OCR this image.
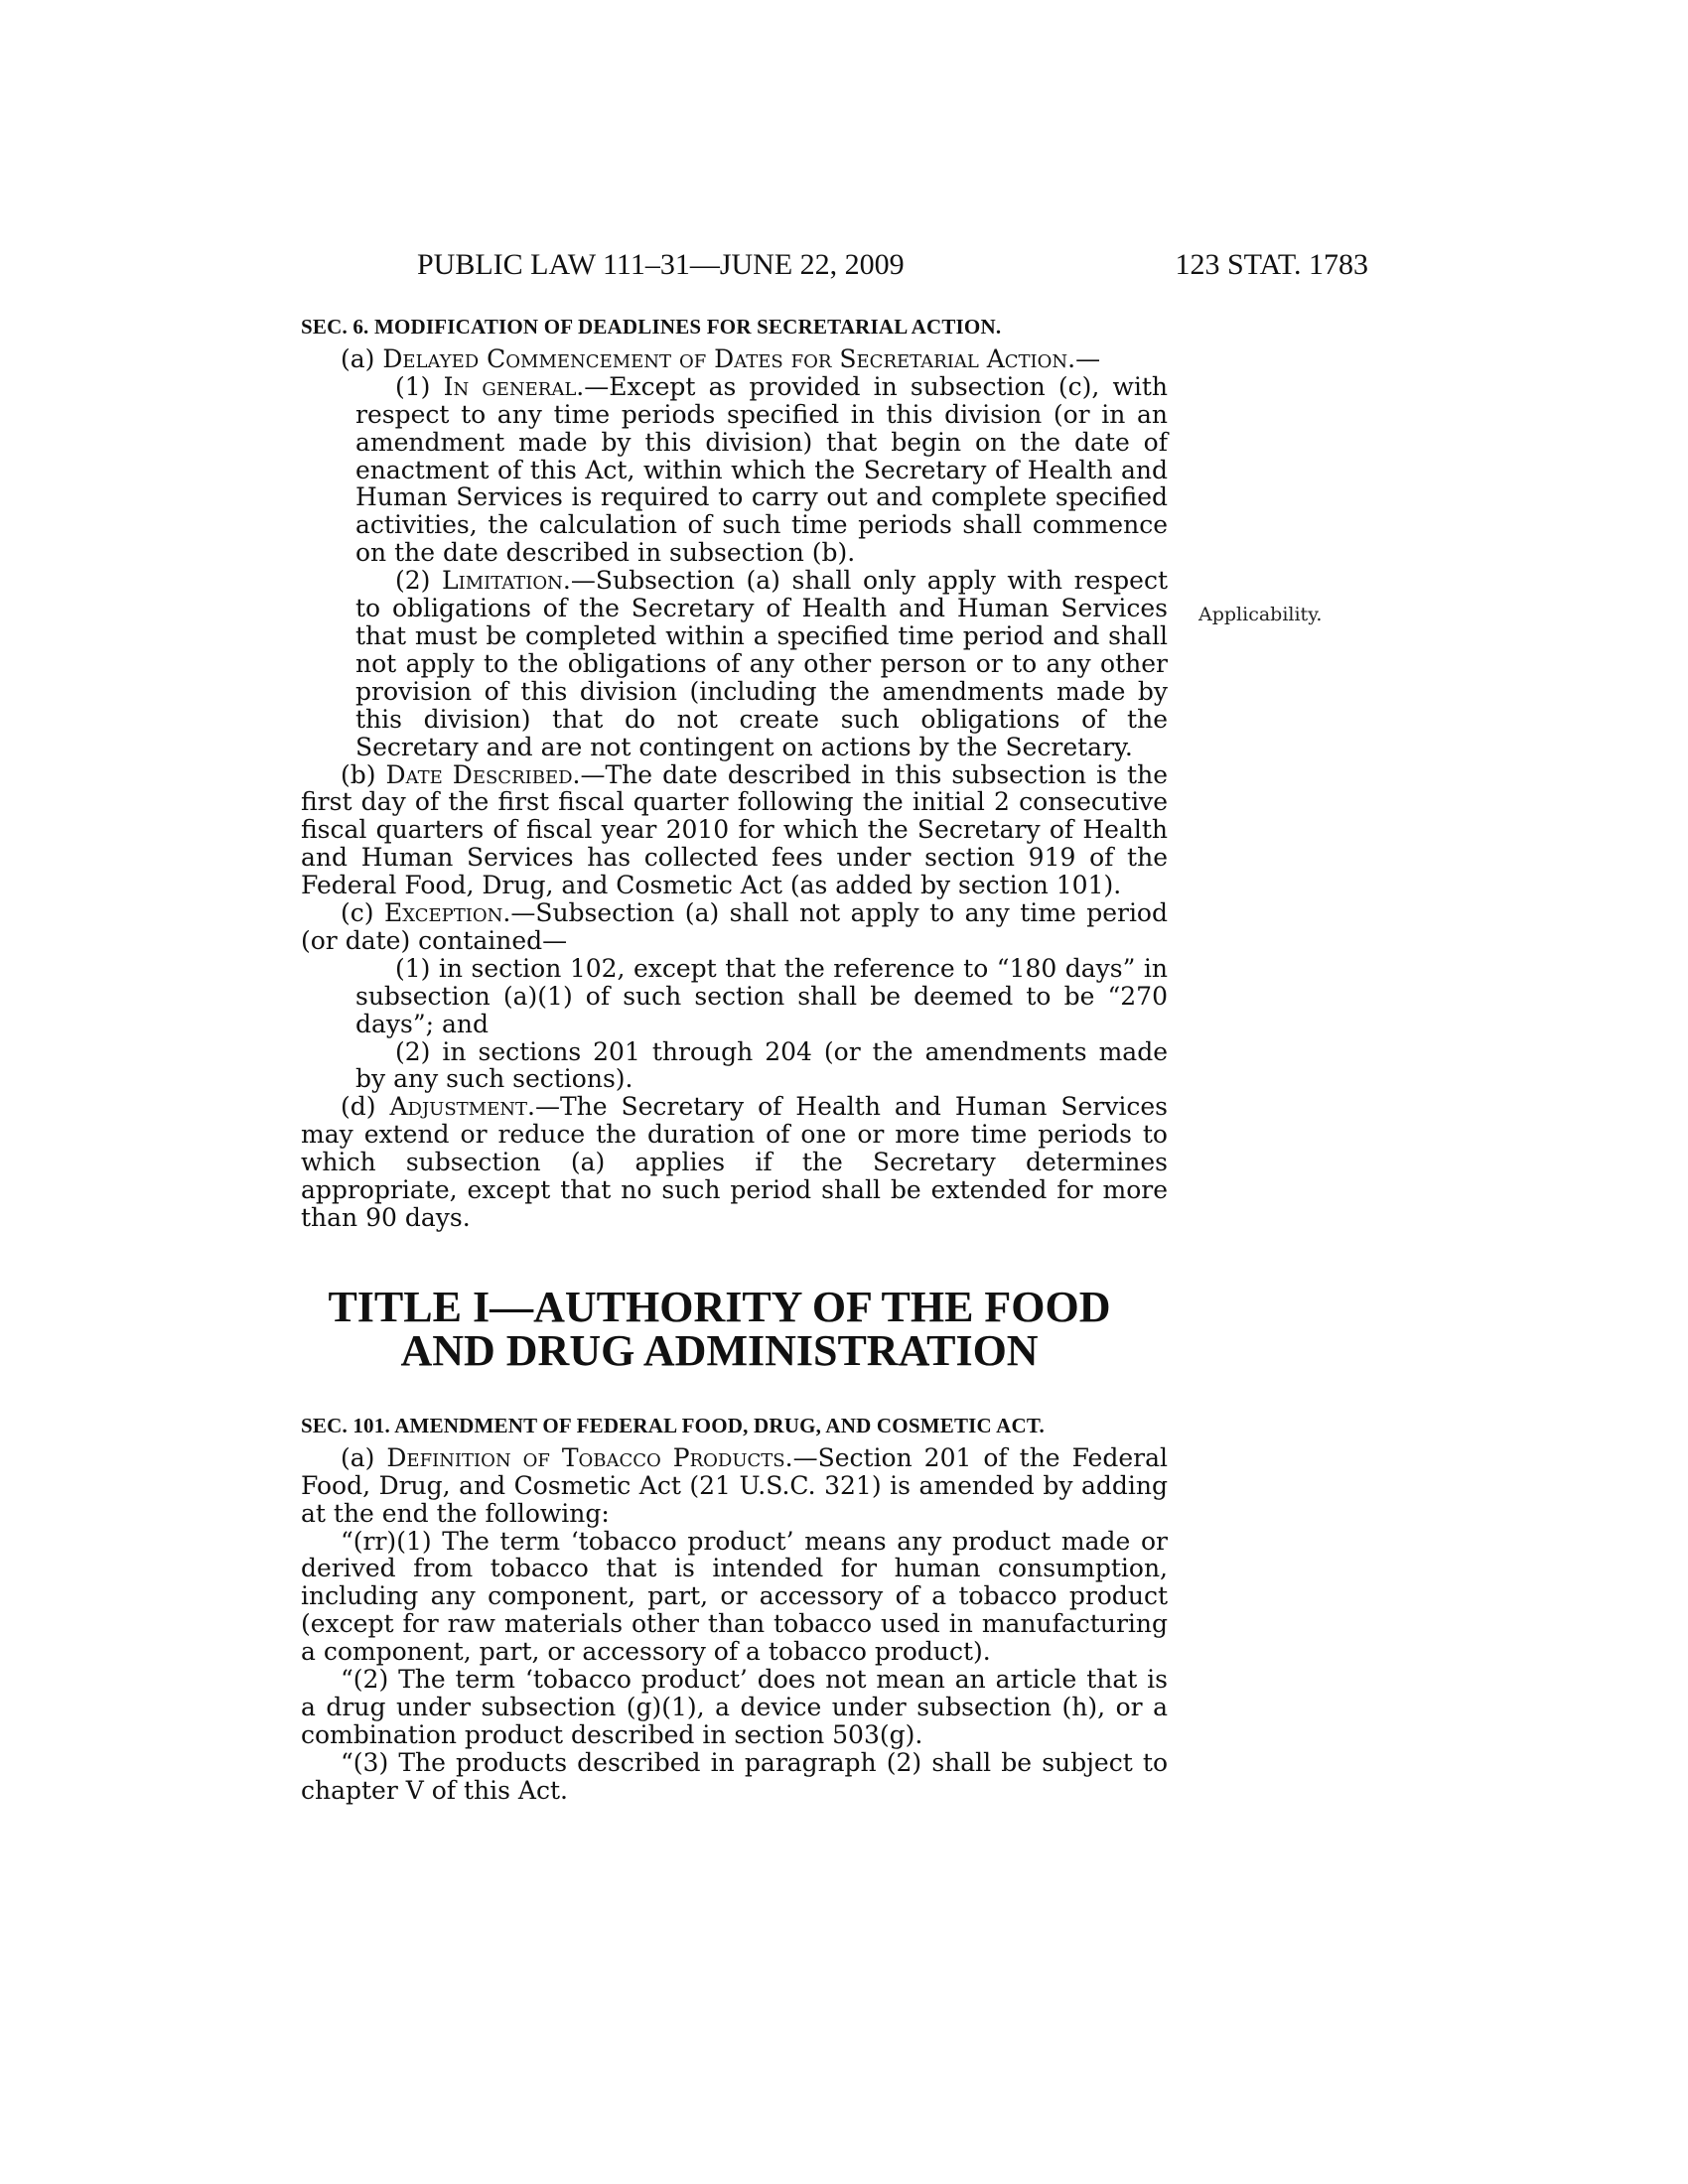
PUBLIC LAW 111–31—JUNE 22, 2009	123 STAT. 1783
Applicability.
SEC. 6. MODIFICATION OF DEADLINES FOR SECRETARIAL ACTION.

(a) Delayed Commencement of Dates for Secretarial Action.—

(1) In general.—Except as provided in subsection (c), with respect to any time periods specified in this division (or in an amendment made by this division) that begin on the date of enactment of this Act, within which the Secretary of Health and Human Services is required to carry out and complete specified activities, the calculation of such time periods shall commence on the date described in subsection (b).

(2) Limitation.—Subsection (a) shall only apply with respect to obligations of the Secretary of Health and Human Services that must be completed within a specified time period and shall not apply to the obligations of any other person or to any other provision of this division (including the amendments made by this division) that do not create such obligations of the Secretary and are not contingent on actions by the Secretary.

(b) Date Described.—The date described in this subsection is the first day of the first fiscal quarter following the initial 2 consecutive fiscal quarters of fiscal year 2010 for which the Secretary of Health and Human Services has collected fees under section 919 of the Federal Food, Drug, and Cosmetic Act (as added by section 101).

(c) Exception.—Subsection (a) shall not apply to any time period (or date) contained—

(1) in section 102, except that the reference to “180 days” in subsection (a)(1) of such section shall be deemed to be “270 days”; and

(2) in sections 201 through 204 (or the amendments made by any such sections).

(d) Adjustment.—The Secretary of Health and Human Services may extend or reduce the duration of one or more time periods to which subsection (a) applies if the Secretary determines appropriate, except that no such period shall be extended for more than 90 days.

TITLE I—AUTHORITY OF THE FOOD
AND DRUG ADMINISTRATION
SEC. 101. AMENDMENT OF FEDERAL FOOD, DRUG, AND COSMETIC ACT.

(a) Definition of Tobacco Products.—Section 201 of the Federal Food, Drug, and Cosmetic Act (21 U.S.C. 321) is amended by adding at the end the following:

“(rr)(1) The term ‘tobacco product’ means any product made or derived from tobacco that is intended for human consumption, including any component, part, or accessory of a tobacco product (except for raw materials other than tobacco used in manufacturing a component, part, or accessory of a tobacco product).

“(2) The term ‘tobacco product’ does not mean an article that is a drug under subsection (g)(1), a device under subsection (h), or a combination product described in section 503(g).

“(3) The products described in paragraph (2) shall be subject to chapter V of this Act.
